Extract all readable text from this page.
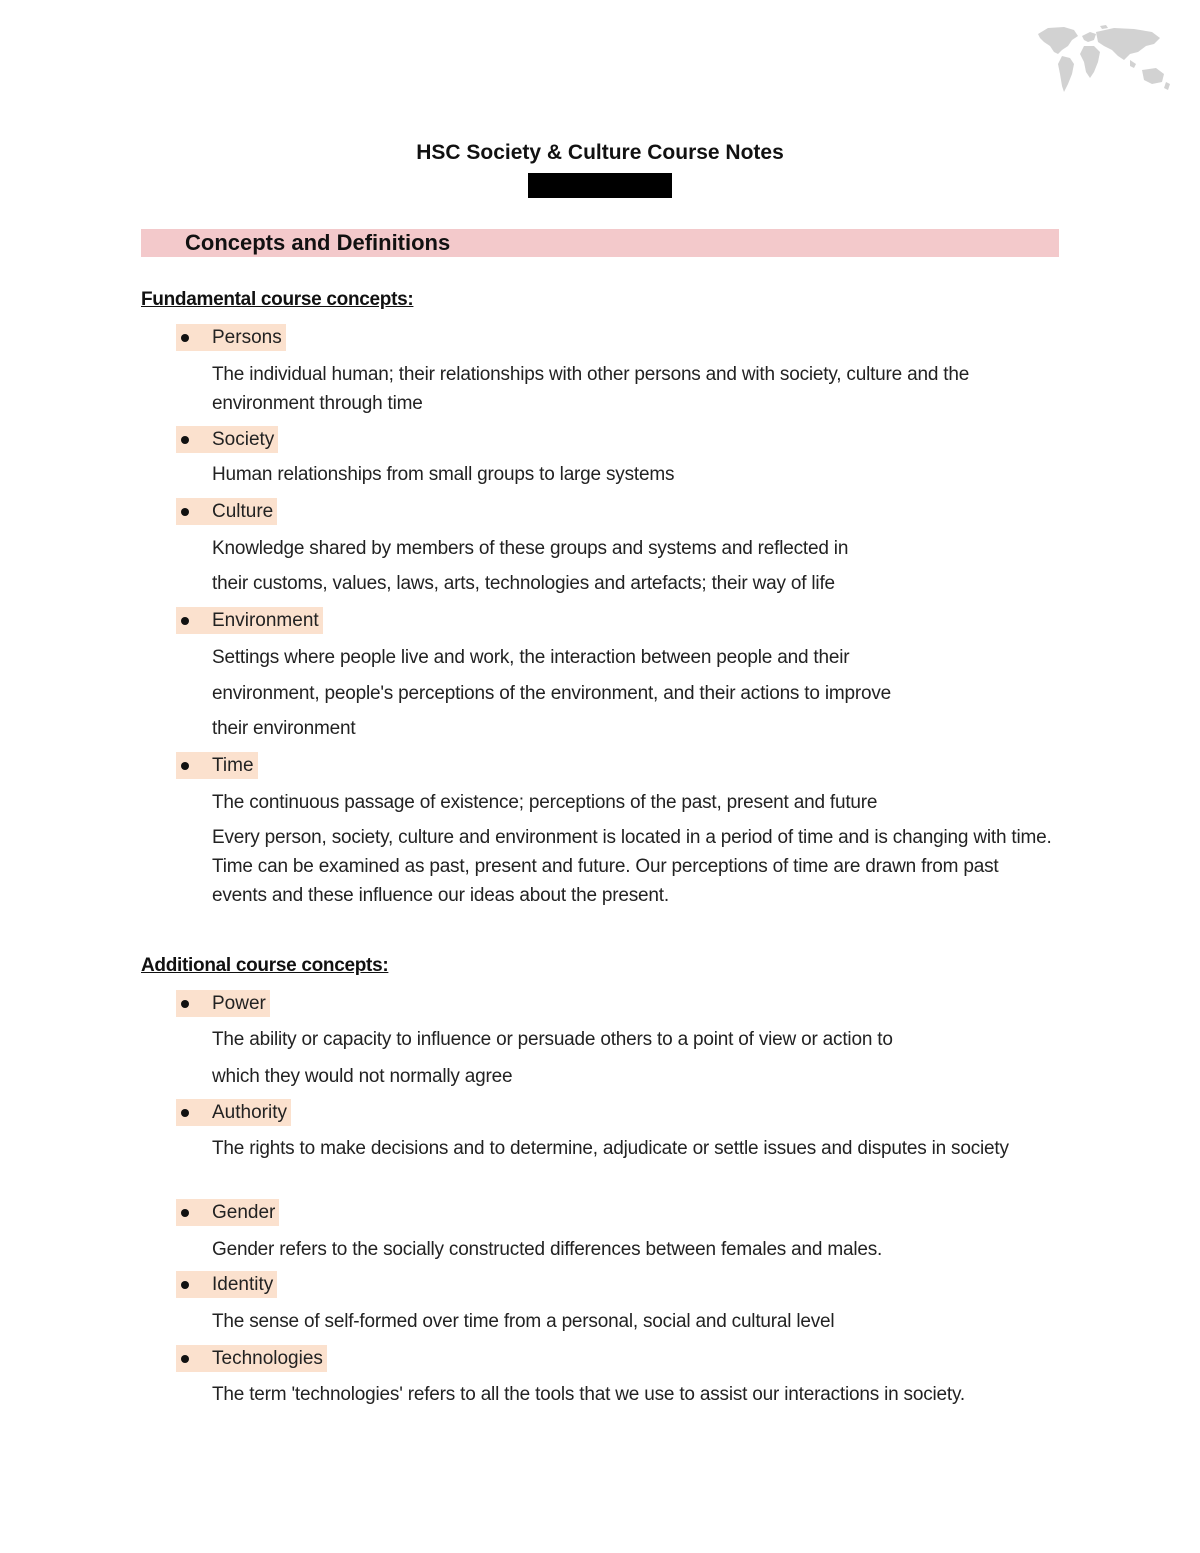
HSC Society & Culture Course Notes
Concepts and Definitions
Fundamental course concepts:
Persons
The individual human; their relationships with other persons and with society, culture and the environment through time
Society
Human relationships from small groups to large systems
Culture
Knowledge shared by members of these groups and systems and reflected in
their customs, values, laws, arts, technologies and artefacts; their way of life
Environment
Settings where people live and work, the interaction between people and their
environment, people's perceptions of the environment, and their actions to improve
their environment
Time
The continuous passage of existence; perceptions of the past, present and future
Every person, society, culture and environment is located in a period of time and is changing with time. Time can be examined as past, present and future. Our perceptions of time are drawn from past events and these influence our ideas about the present.
Additional course concepts:
Power
The ability or capacity to influence or persuade others to a point of view or action to
which they would not normally agree
Authority
The rights to make decisions and to determine, adjudicate or settle issues and disputes in society
Gender
Gender refers to the socially constructed differences between females and males.
Identity
The sense of self-formed over time from a personal, social and cultural level
Technologies
The term 'technologies' refers to all the tools that we use to assist our interactions in society.
